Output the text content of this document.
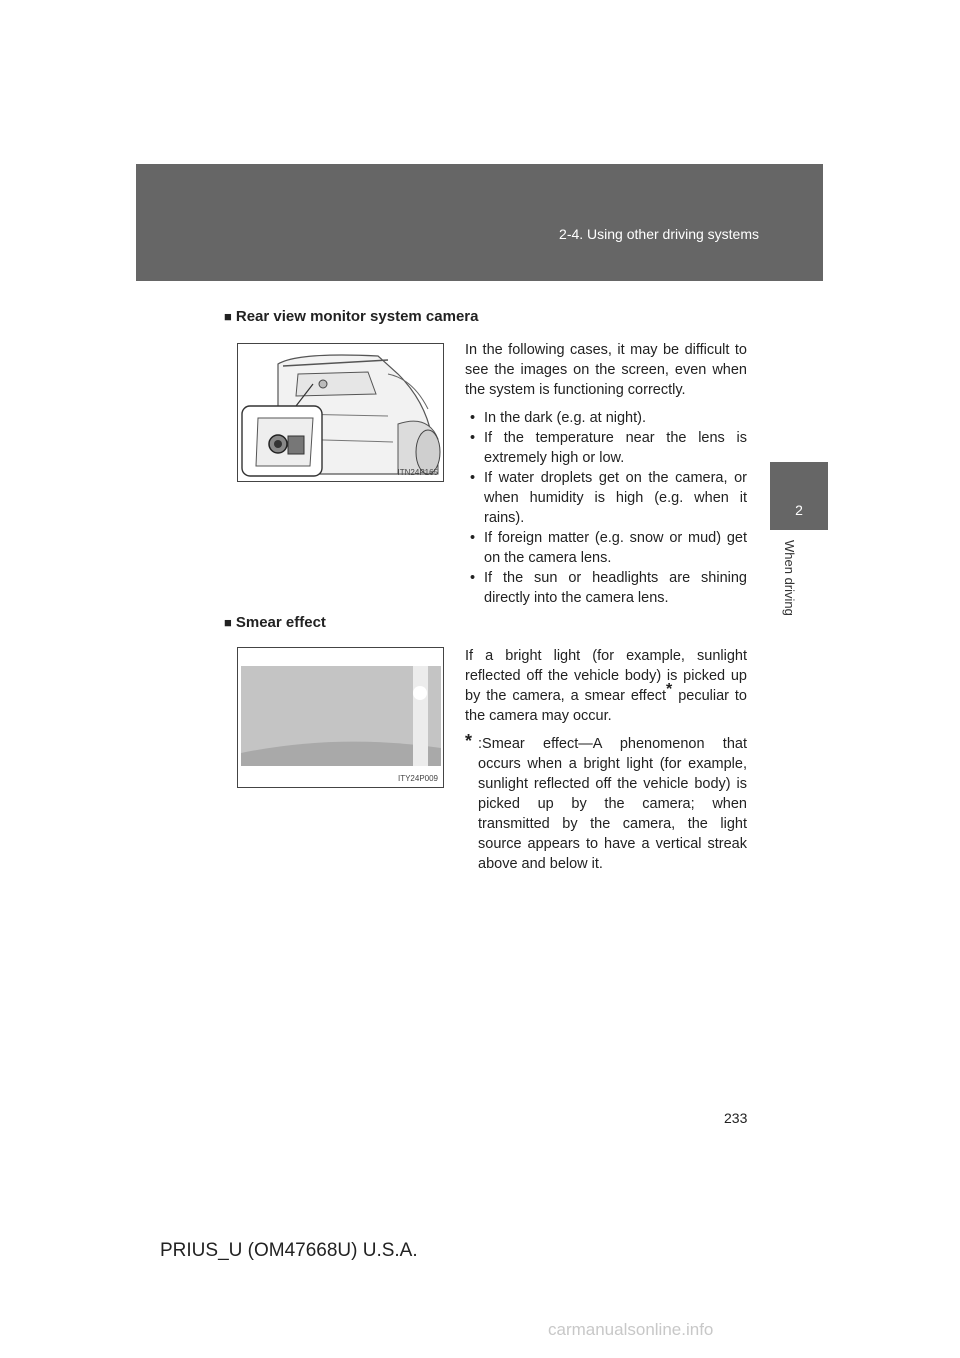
2-4. Using other driving systems
2
When driving
■ Rear view monitor system camera
ITN24P165

In the following cases, it may be difficult to see the images on the screen, even when the system is functioning correctly.

• In the dark (e.g. at night).
• If the temperature near the lens is extremely high or low.
• If water droplets get on the camera, or when humidity is high (e.g. when it rains).
• If foreign matter (e.g. snow or mud) get on the camera lens.
• If the sun or headlights are shining directly into the camera lens.
■ Smear effect
ITY24P009

If a bright light (for example, sunlight reflected off the vehicle body) is picked up by the camera, a smear effect* peculiar to the camera may occur.

* :Smear effect—A phenomenon that occurs when a bright light (for example, sunlight reflected off the vehicle body) is picked up by the camera; when transmitted by the camera, the light source appears to have a vertical streak above and below it.
233
PRIUS_U (OM47668U) U.S.A.
carmanualsonline.info
